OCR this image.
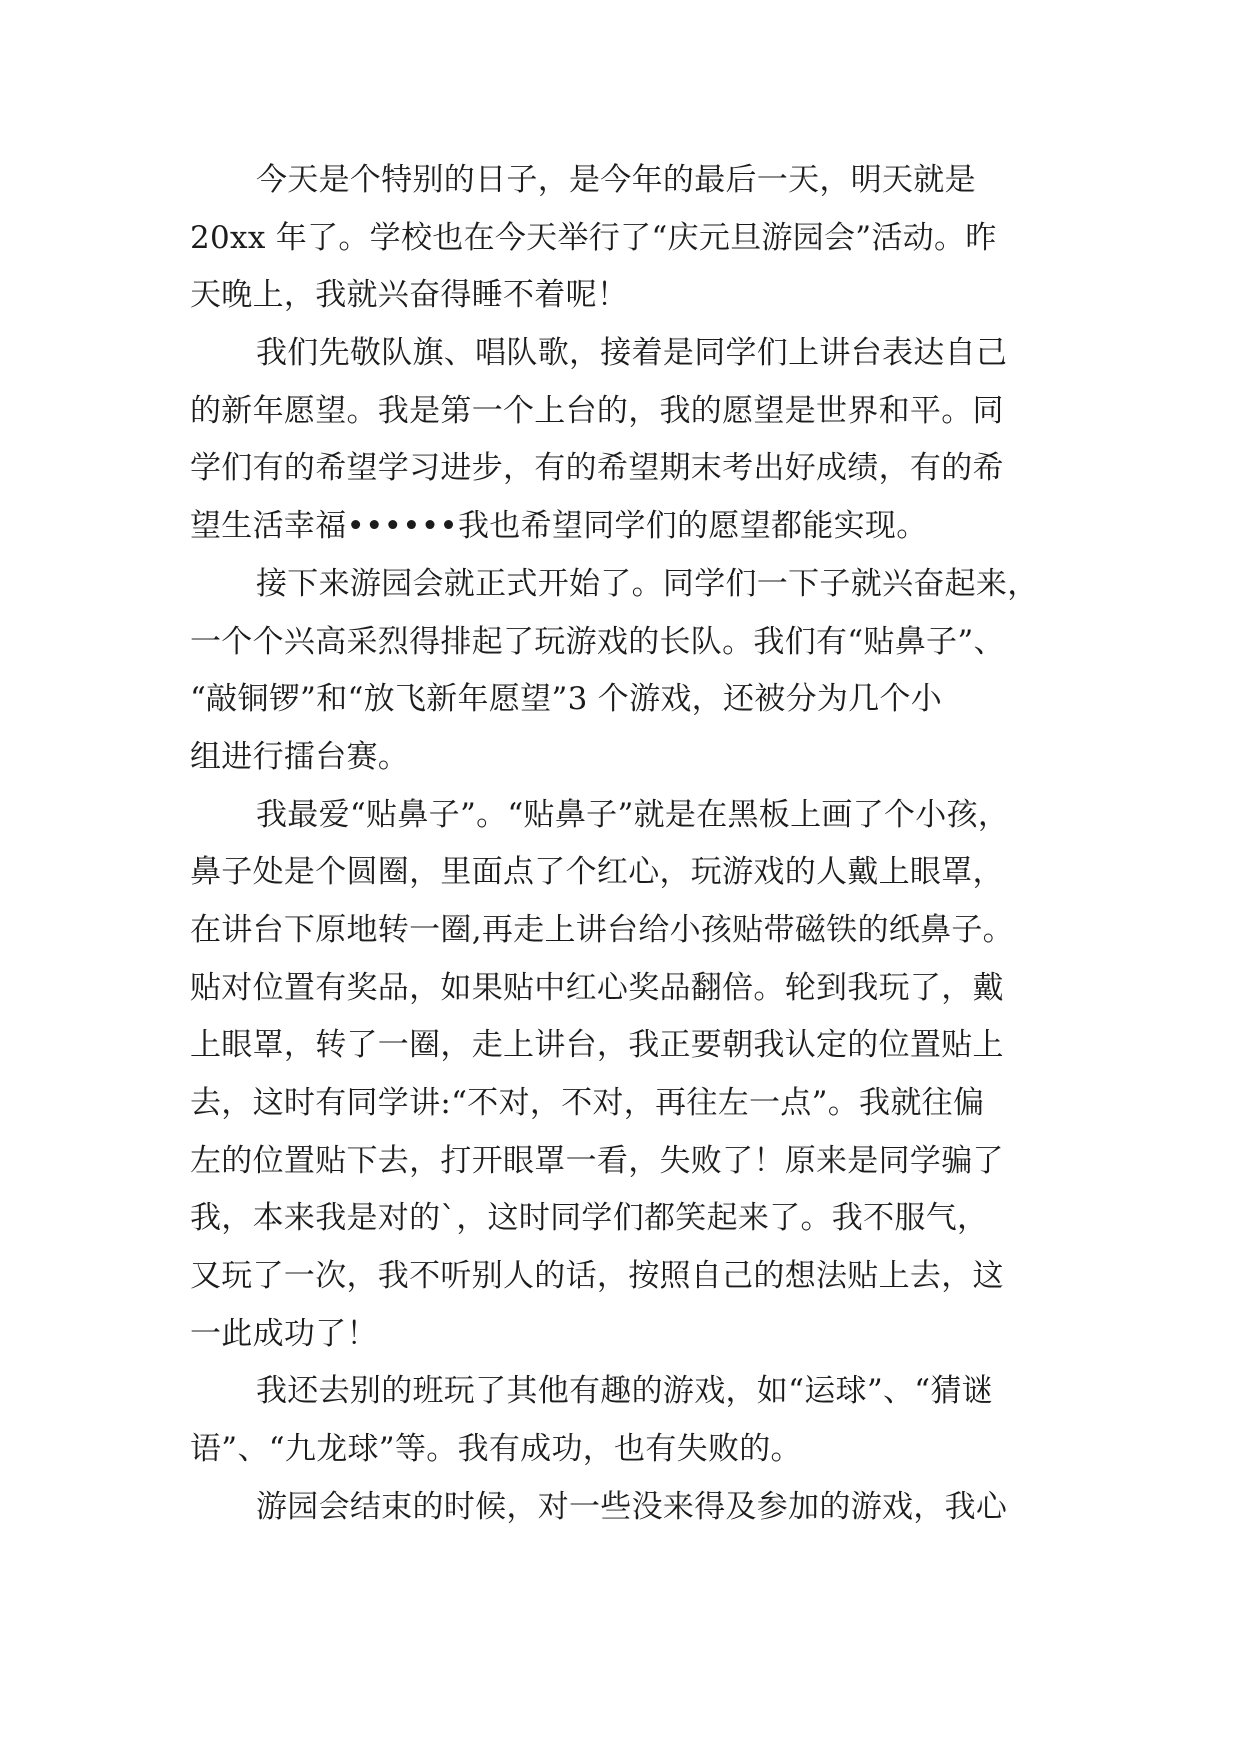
今天是个特别的日子，是今年的最后一天，明天就是
20xx 年了。学校也在今天举行了“庆元旦游园会”活动。昨
天晚上，我就兴奋得睡不着呢！
我们先敬队旗、唱队歌，接着是同学们上讲台表达自己
的新年愿望。我是第一个上台的，我的愿望是世界和平。同
学们有的希望学习进步，有的希望期末考出好成绩，有的希
望生活幸福••••••我也希望同学们的愿望都能实现。
接下来游园会就正式开始了。同学们一下子就兴奋起来，
一个个兴高采烈得排起了玩游戏的长队。我们有“贴鼻子”、
“敲铜锣”和“放飞新年愿望”3 个游戏，还被分为几个小
组进行擂台赛。
我最爱“贴鼻子”。“贴鼻子”就是在黑板上画了个小孩，
鼻子处是个圆圈，里面点了个红心，玩游戏的人戴上眼罩，
在讲台下原地转一圈,再走上讲台给小孩贴带磁铁的纸鼻子。
贴对位置有奖品，如果贴中红心奖品翻倍。轮到我玩了，戴
上眼罩，转了一圈，走上讲台，我正要朝我认定的位置贴上
去，这时有同学讲:“不对，不对，再往左一点”。我就往偏
左的位置贴下去，打开眼罩一看，失败了！原来是同学骗了
我，本来我是对的`，这时同学们都笑起来了。我不服气，
又玩了一次，我不听别人的话，按照自己的想法贴上去，这
一此成功了！
我还去别的班玩了其他有趣的游戏，如“运球”、“猜谜
语”、“九龙球”等。我有成功，也有失败的。
游园会结束的时候，对一些没来得及参加的游戏，我心
